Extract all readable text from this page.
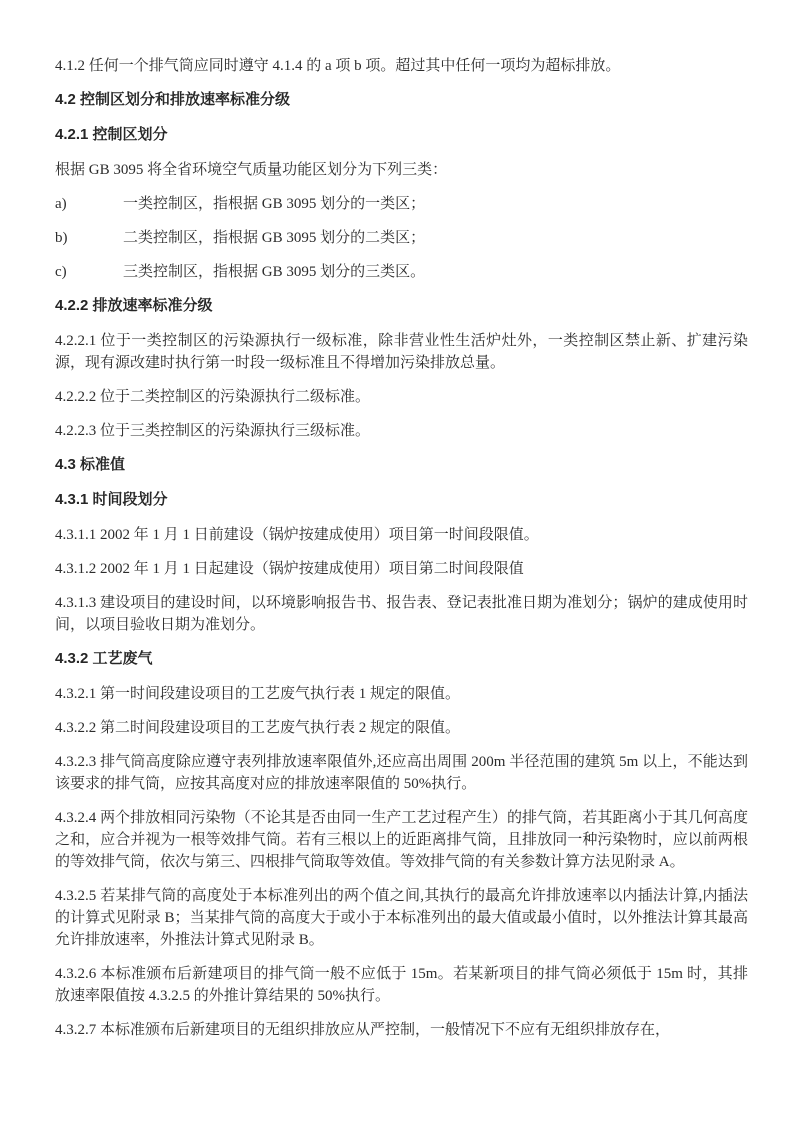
4.1.2 任何一个排气筒应同时遵守 4.1.4 的 a 项 b 项。超过其中任何一项均为超标排放。

4.2 控制区划分和排放速率标准分级
4.2.1 控制区划分

根据 GB 3095 将全省环境空气质量功能区划分为下列三类：

a)	一类控制区，指根据 GB 3095 划分的一类区；
b)	二类控制区，指根据 GB 3095 划分的二类区；
c)	三类控制区，指根据 GB 3095 划分的三类区。
4.2.2 排放速率标准分级

4.2.2.1 位于一类控制区的污染源执行一级标准，除非营业性生活炉灶外，一类控制区禁止新、扩建污染源，现有源改建时执行第一时段一级标准且不得增加污染排放总量。

4.2.2.2 位于二类控制区的污染源执行二级标准。

4.2.2.3 位于三类控制区的污染源执行三级标准。

4.3 标准值
4.3.1 时间段划分

4.3.1.1 2002 年 1 月 1 日前建设（锅炉按建成使用）项目第一时间段限值。

4.3.1.2 2002 年 1 月 1 日起建设（锅炉按建成使用）项目第二时间段限值

4.3.1.3 建设项目的建设时间，以环境影响报告书、报告表、登记表批准日期为准划分；锅炉的建成使用时间，以项目验收日期为准划分。

4.3.2 工艺废气

4.3.2.1 第一时间段建设项目的工艺废气执行表 1 规定的限值。

4.3.2.2 第二时间段建设项目的工艺废气执行表 2 规定的限值。

4.3.2.3 排气筒高度除应遵守表列排放速率限值外,还应高出周围 200m 半径范围的建筑 5m 以上，不能达到该要求的排气筒，应按其高度对应的排放速率限值的 50%执行。

4.3.2.4 两个排放相同污染物（不论其是否由同一生产工艺过程产生）的排气筒，若其距离小于其几何高度之和，应合并视为一根等效排气筒。若有三根以上的近距离排气筒，且排放同一种污染物时，应以前两根的等效排气筒，依次与第三、四根排气筒取等效值。等效排气筒的有关参数计算方法见附录 A。

4.3.2.5 若某排气筒的高度处于本标准列出的两个值之间,其执行的最高允许排放速率以内插法计算,内插法的计算式见附录 B；当某排气筒的高度大于或小于本标准列出的最大值或最小值时，以外推法计算其最高允许排放速率，外推法计算式见附录 B。

4.3.2.6 本标准颁布后新建项目的排气筒一般不应低于 15m。若某新项目的排气筒必须低于 15m 时，其排放速率限值按 4.3.2.5 的外推计算结果的 50%执行。

4.3.2.7 本标准颁布后新建项目的无组织排放应从严控制，一般情况下不应有无组织排放存在，
